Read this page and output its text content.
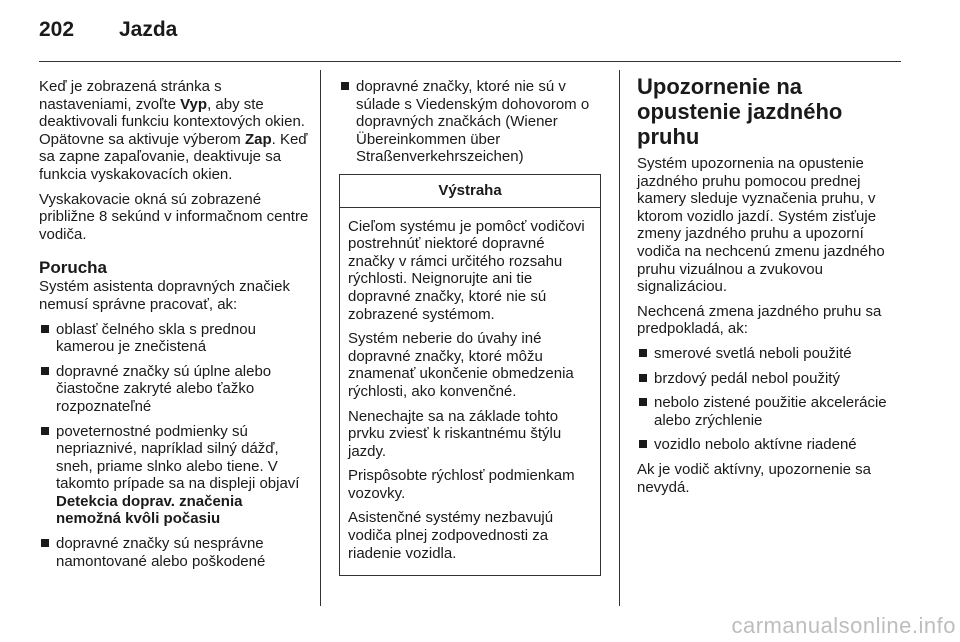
202 Jazda

Keď je zobrazená stránka s nastaveniami, zvoľte Vyp, aby ste deaktivovali funkciu kontextových okien. Opätovne sa aktivuje výberom Zap. Keď sa zapne zapaľovanie, deaktivuje sa funkcia vyskakovacích okien.

Vyskakovacie okná sú zobrazené približne 8 sekúnd v informačnom centre vodiča.

Porucha

Systém asistenta dopravných značiek nemusí správne pracovať, ak:

oblasť čelného skla s prednou kamerou je znečistená
dopravné značky sú úplne alebo čiastočne zakryté alebo ťažko rozpoznateľné
poveternostné podmienky sú nepriaznivé, napríklad silný dážď, sneh, priame slnko alebo tiene. V takomto prípade sa na displeji objaví Detekcia doprav. značenia nemožná kvôli počasiu
dopravné značky sú nesprávne namontované alebo poškodené
dopravné značky, ktoré nie sú v súlade s Viedenským dohovorom o dopravných značkách (Wiener Übereinkommen über Straßenverkehrszeichen)
Výstraha

Cieľom systému je pomôcť vodičovi postrehnúť niektoré dopravné značky v rámci určitého rozsahu rýchlosti. Neignorujte ani tie dopravné značky, ktoré nie sú zobrazené systémom.

Systém neberie do úvahy iné dopravné značky, ktoré môžu znamenať ukončenie obmedzenia rýchlosti, ako konvenčné.

Nenechajte sa na základe tohto prvku zviesť k riskantnému štýlu jazdy.

Prispôsobte rýchlosť podmienkam vozovky.

Asistenčné systémy nezbavujú vodiča plnej zodpovednosti za riadenie vozidla.

Upozornenie na opustenie jazdného pruhu

Systém upozornenia na opustenie jazdného pruhu pomocou prednej kamery sleduje vyznačenia pruhu, v ktorom vozidlo jazdí. Systém zisťuje zmeny jazdného pruhu a upozorní vodiča na nechcenú zmenu jazdného pruhu vizuálnou a zvukovou signalizáciou.

Nechcená zmena jazdného pruhu sa predpokladá, ak:

smerové svetlá neboli použité
brzdový pedál nebol použitý
nebolo zistené použitie akcelerácie alebo zrýchlenie
vozidlo nebolo aktívne riadené

Ak je vodič aktívny, upozornenie sa nevydá.

carmanualsonline.info
